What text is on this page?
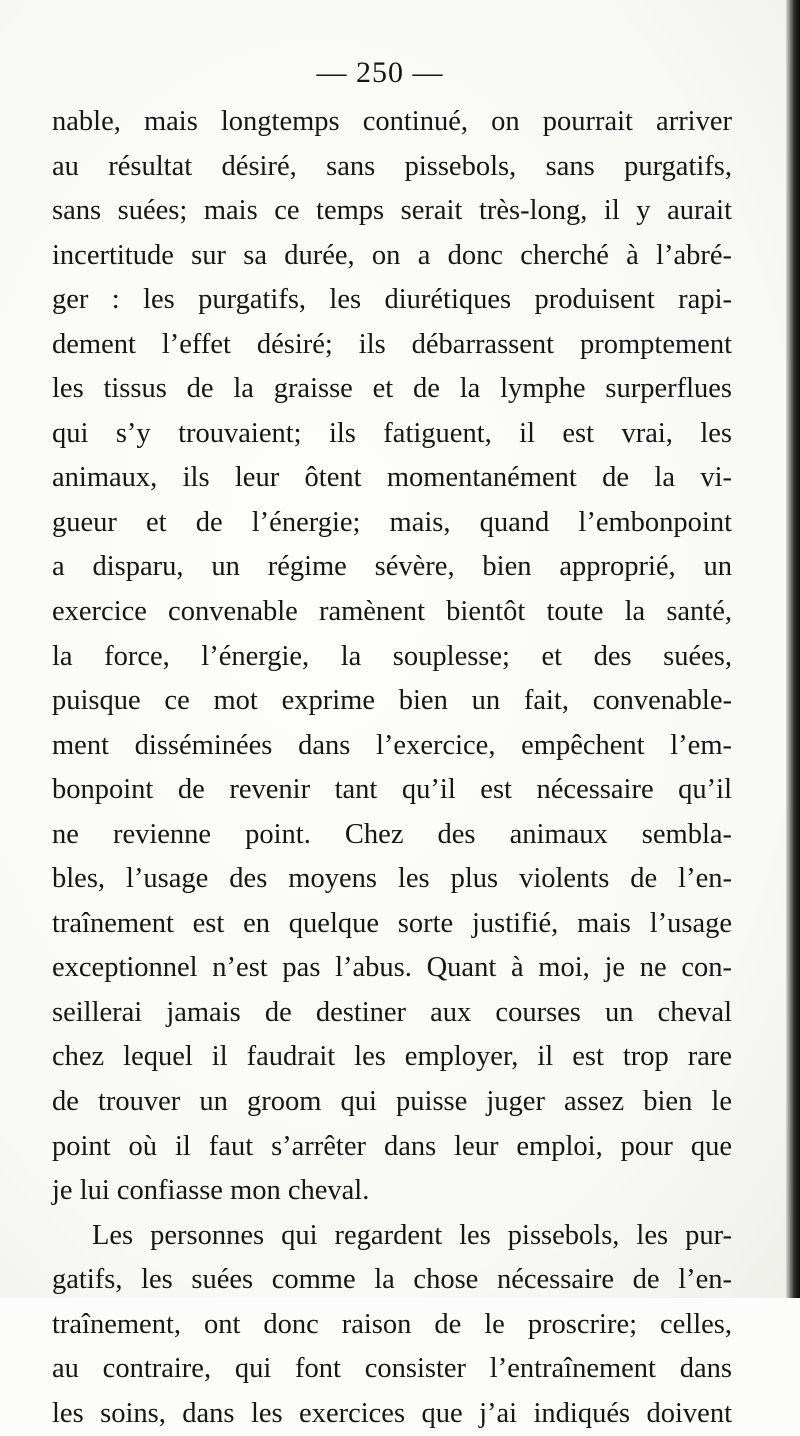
— 250 —
nable, mais longtemps continué, on pourrait arriver
au résultat désiré, sans pissebols, sans purgatifs,
sans suées; mais ce temps serait très-long, il y aurait
incertitude sur sa durée, on a donc cherché à l’abré-
ger : les purgatifs, les diurétiques produisent rapi-
dement l’effet désiré; ils débarrassent promptement
les tissus de la graisse et de la lymphe surperflues
qui s’y trouvaient; ils fatiguent, il est vrai, les
animaux, ils leur ôtent momentanément de la vi-
gueur et de l’énergie; mais, quand l’embonpoint
a disparu, un régime sévère, bien approprié, un
exercice convenable ramènent bientôt toute la santé,
la force, l’énergie, la souplesse; et des suées,
puisque ce mot exprime bien un fait, convenable-
ment disséminées dans l’exercice, empêchent l’em-
bonpoint de revenir tant qu’il est nécessaire qu’il
ne revienne point. Chez des animaux sembla-
bles, l’usage des moyens les plus violents de l’en-
traînement est en quelque sorte justifié, mais l’usage
exceptionnel n’est pas l’abus. Quant à moi, je ne con-
seillerai jamais de destiner aux courses un cheval
chez lequel il faudrait les employer, il est trop rare
de trouver un groom qui puisse juger assez bien le
point où il faut s’arrêter dans leur emploi, pour que
je lui confiasse mon cheval.
Les personnes qui regardent les pissebols, les pur-
gatifs, les suées comme la chose nécessaire de l’en-
traînement, ont donc raison de le proscrire; celles,
au contraire, qui font consister l’entraînement dans
les soins, dans les exercices que j’ai indiqués doivent
